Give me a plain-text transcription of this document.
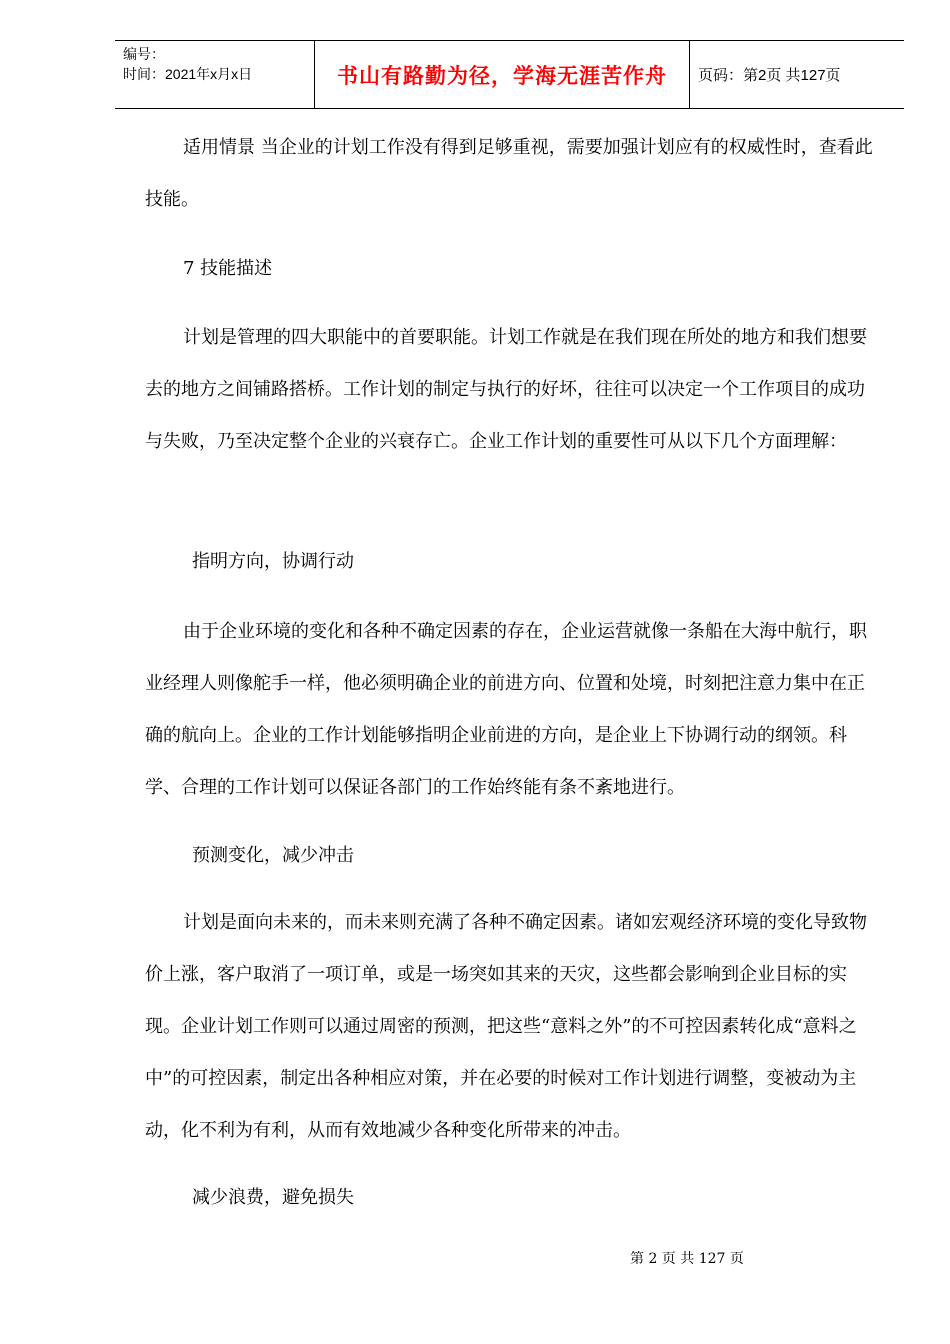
编号：
时间：2021年x月x日	书山有路勤为径，学海无涯苦作舟	页码：第2页 共127页

适用情景 当企业的计划工作没有得到足够重视，需要加强计划应有的权威性时，查看此技能。

7 技能描述

计划是管理的四大职能中的首要职能。计划工作就是在我们现在所处的地方和我们想要去的地方之间铺路搭桥。工作计划的制定与执行的好坏，往往可以决定一个工作项目的成功与失败，乃至决定整个企业的兴衰存亡。企业工作计划的重要性可从以下几个方面理解：

指明方向，协调行动

由于企业环境的变化和各种不确定因素的存在，企业运营就像一条船在大海中航行，职业经理人则像舵手一样，他必须明确企业的前进方向、位置和处境，时刻把注意力集中在正确的航向上。企业的工作计划能够指明企业前进的方向，是企业上下协调行动的纲领。科学、合理的工作计划可以保证各部门的工作始终能有条不紊地进行。

预测变化，减少冲击

计划是面向未来的，而未来则充满了各种不确定因素。诸如宏观经济环境的变化导致物价上涨，客户取消了一项订单，或是一场突如其来的天灾，这些都会影响到企业目标的实现。企业计划工作则可以通过周密的预测，把这些“意料之外”的不可控因素转化成“意料之中”的可控因素，制定出各种相应对策，并在必要的时候对工作计划进行调整，变被动为主动，化不利为有利，从而有效地减少各种变化所带来的冲击。

减少浪费，避免损失
第 2 页 共 127 页
